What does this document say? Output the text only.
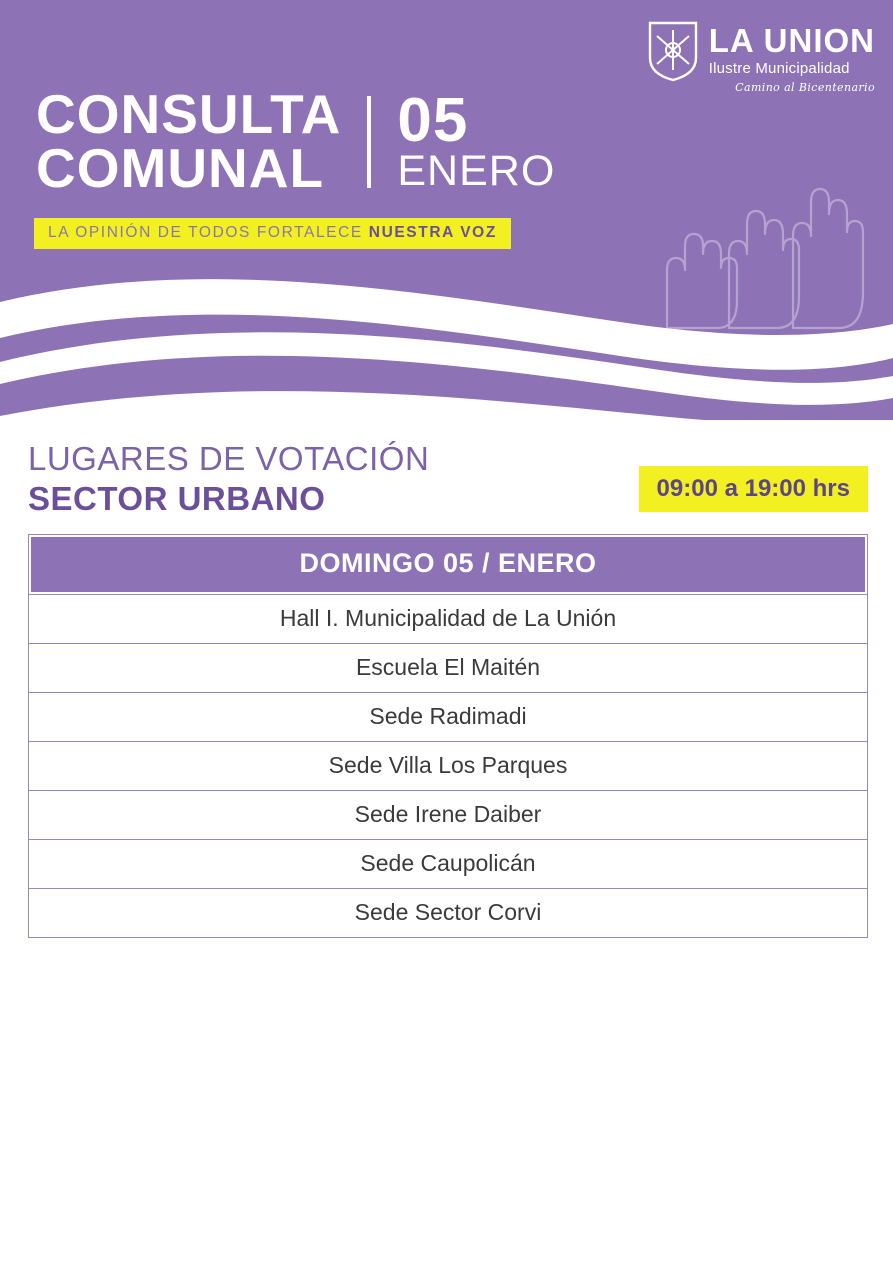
LA UNION
Ilustre Municipalidad
Camino al Bicentenario
CONSULTA
COMUNAL
05
ENERO
LA OPINIÓN DE TODOS FORTALECE NUESTRA VOZ
LUGARES DE VOTACIÓN
SECTOR URBANO	09:00 a 19:00 hrs
DOMINGO 05 / ENERO
Hall I. Municipalidad de La Unión
Escuela El Maitén
Sede Radimadi
Sede Villa Los Parques
Sede Irene Daiber
Sede Caupolicán
Sede Sector Corvi
